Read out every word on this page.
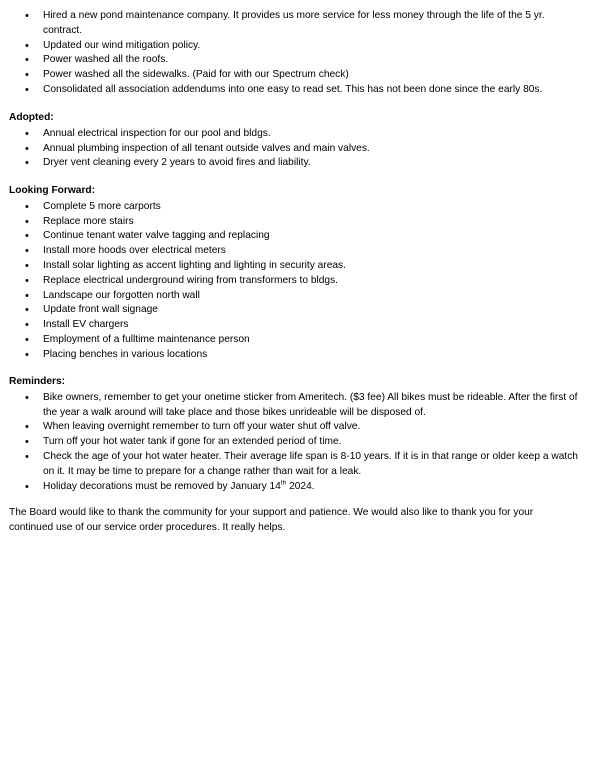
• Hired a new pond maintenance company. It provides us more service for less money through the life of the 5 yr. contract.
• Updated our wind mitigation policy.
• Power washed all the roofs.
• Power washed all the sidewalks. (Paid for with our Spectrum check)
• Consolidated all association addendums into one easy to read set. This has not been done since the early 80s.
Adopted:
• Annual electrical inspection for our pool and bldgs.
• Annual plumbing inspection of all tenant outside valves and main valves.
• Dryer vent cleaning every 2 years to avoid fires and liability.
Looking Forward:
• Complete 5 more carports
• Replace more stairs
• Continue tenant water valve tagging and replacing
• Install more hoods over electrical meters
• Install solar lighting as accent lighting and lighting in security areas.
• Replace electrical underground wiring from transformers to bldgs.
• Landscape our forgotten north wall
• Update front wall signage
• Install EV chargers
• Employment of a fulltime maintenance person
• Placing benches in various locations
Reminders:
• Bike owners, remember to get your onetime sticker from Ameritech. ($3 fee) All bikes must be rideable. After the first of the year a walk around will take place and those bikes unrideable will be disposed of.
• When leaving overnight remember to turn off your water shut off valve.
• Turn off your hot water tank if gone for an extended period of time.
• Check the age of your hot water heater. Their average life span is 8-10 years. If it is in that range or older keep a watch on it. It may be time to prepare for a change rather than wait for a leak.
• Holiday decorations must be removed by January 14th 2024.
The Board would like to thank the community for your support and patience. We would also like to thank you for your continued use of our service order procedures. It really helps.
